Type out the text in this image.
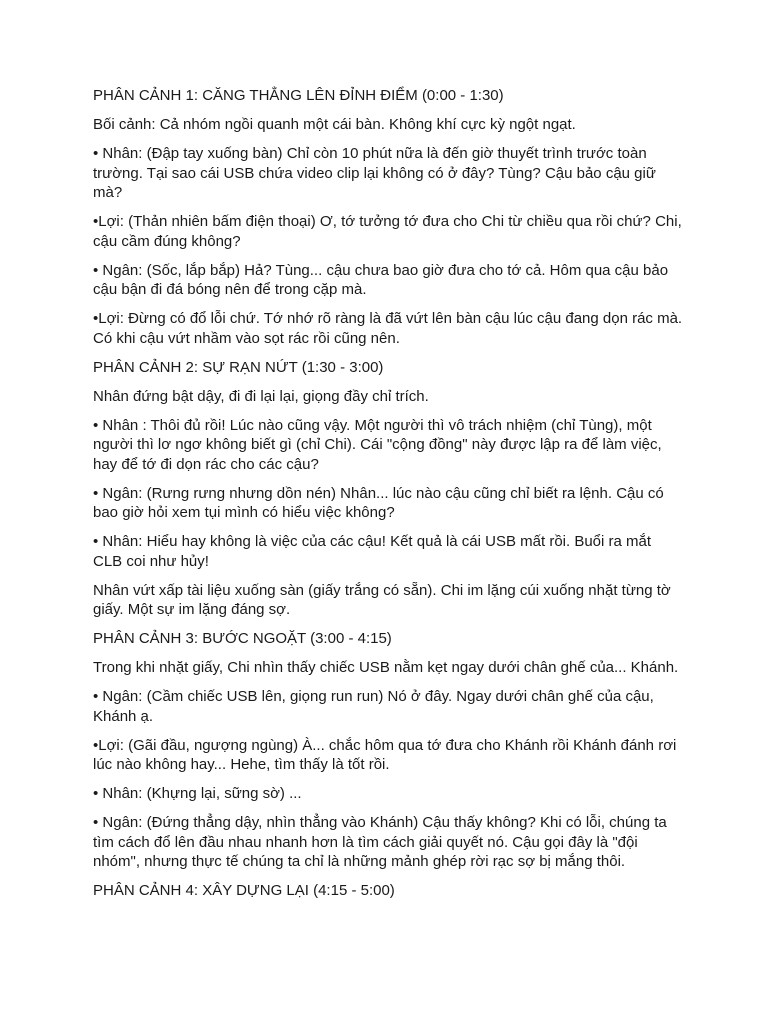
PHÂN CẢNH 1: CĂNG THẲNG LÊN ĐỈNH ĐIỂM (0:00 - 1:30)

Bối cảnh: Cả nhóm ngồi quanh một cái bàn. Không khí cực kỳ ngột ngạt.

• Nhân: (Đập tay xuống bàn) Chỉ còn 10 phút nữa là đến giờ thuyết trình trước toàn trường. Tại sao cái USB chứa video clip lại không có ở đây? Tùng? Cậu bảo cậu giữ mà?

•Lợi: (Thản nhiên bấm điện thoại) Ơ, tớ tưởng tớ đưa cho Chi từ chiều qua rồi chứ? Chi, cậu cầm đúng không?

• Ngân: (Sốc, lắp bắp) Hả? Tùng... cậu chưa bao giờ đưa cho tớ cả. Hôm qua cậu bảo cậu bận đi đá bóng nên để trong cặp mà.

•Lợi: Đừng có đổ lỗi chứ. Tớ nhớ rõ ràng là đã vứt lên bàn cậu lúc cậu đang dọn rác mà. Có khi cậu vứt nhầm vào sọt rác rồi cũng nên.

PHÂN CẢNH 2: SỰ RẠN NỨT (1:30 - 3:00)

Nhân đứng bật dậy, đi đi lại lại, giọng đầy chỉ trích.

• Nhân : Thôi đủ rồi! Lúc nào cũng vậy. Một người thì vô trách nhiệm (chỉ Tùng), một người thì lơ ngơ không biết gì (chỉ Chi). Cái "cộng đồng" này được lập ra để làm việc, hay để tớ đi dọn rác cho các cậu?

• Ngân: (Rưng rưng nhưng dồn nén) Nhân... lúc nào cậu cũng chỉ biết ra lệnh. Cậu có bao giờ hỏi xem tụi mình có hiểu việc không?

• Nhân: Hiểu hay không là việc của các cậu! Kết quả là cái USB mất rồi. Buổi ra mắt CLB coi như hủy!

Nhân vứt xấp tài liệu xuống sàn (giấy trắng có sẵn). Chi im lặng cúi xuống nhặt từng tờ giấy. Một sự im lặng đáng sợ.

PHÂN CẢNH 3: BƯỚC NGOẶT (3:00 - 4:15)

Trong khi nhặt giấy, Chi nhìn thấy chiếc USB nằm kẹt ngay dưới chân ghế của... Khánh.

• Ngân: (Cầm chiếc USB lên, giọng run run) Nó ở đây. Ngay dưới chân ghế của cậu, Khánh ạ.

•Lợi: (Gãi đầu, ngượng ngùng) À... chắc hôm qua tớ đưa cho Khánh rồi Khánh đánh rơi lúc nào không hay... Hehe, tìm thấy là tốt rồi.

• Nhân: (Khựng lại, sững sờ) ...

• Ngân: (Đứng thẳng dậy, nhìn thẳng vào Khánh) Cậu thấy không? Khi có lỗi, chúng ta tìm cách đổ lên đầu nhau nhanh hơn là tìm cách giải quyết nó. Cậu gọi đây là "đội nhóm", nhưng thực tế chúng ta chỉ là những mảnh ghép rời rạc sợ bị mắng thôi.

PHÂN CẢNH 4: XÂY DỰNG LẠI (4:15 - 5:00)
